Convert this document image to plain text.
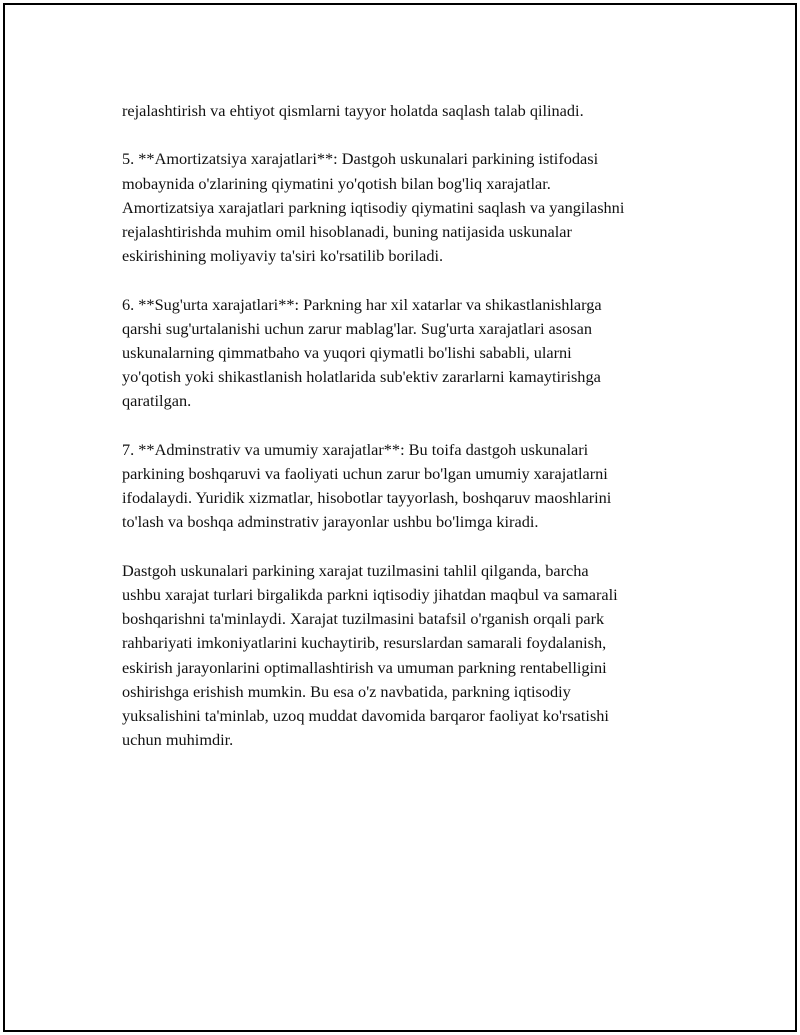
rejalashtirish va ehtiyot qismlarni tayyor holatda saqlash talab qilinadi.

5. **Amortizatsiya xarajatlari**: Dastgoh uskunalari parkining istifodasi
mobaynida o'zlarining qiymatini yo'qotish bilan bog'liq xarajatlar.
Amortizatsiya xarajatlari parkning iqtisodiy qiymatini saqlash va yangilashni
rejalashtirishda muhim omil hisoblanadi, buning natijasida uskunalar
eskirishining moliyaviy ta'siri ko'rsatilib boriladi.

6. **Sug'urta xarajatlari**: Parkning har xil xatarlar va shikastlanishlarga
qarshi sug'urtalanishi uchun zarur mablag'lar. Sug'urta xarajatlari asosan
uskunalarning qimmatbaho va yuqori qiymatli bo'lishi sababli, ularni
yo'qotish yoki shikastlanish holatlarida sub'ektiv zararlarni kamaytirishga
qaratilgan.

7. **Adminstrativ va umumiy xarajatlar**: Bu toifa dastgoh uskunalari
parkining boshqaruvi va faoliyati uchun zarur bo'lgan umumiy xarajatlarni
ifodalaydi. Yuridik xizmatlar, hisobotlar tayyorlash, boshqaruv maoshlarini
to'lash va boshqa adminstrativ jarayonlar ushbu bo'limga kiradi.

Dastgoh uskunalari parkining xarajat tuzilmasini tahlil qilganda, barcha
ushbu xarajat turlari birgalikda parkni iqtisodiy jihatdan maqbul va samarali
boshqarishni ta'minlaydi. Xarajat tuzilmasini batafsil o'rganish orqali park
rahbariyati imkoniyatlarini kuchaytirib, resurslardan samarali foydalanish,
eskirish jarayonlarini optimallashtirish va umuman parkning rentabelligini
oshirishga erishish mumkin. Bu esa o'z navbatida, parkning iqtisodiy
yuksalishini ta'minlab, uzoq muddat davomida barqaror faoliyat ko'rsatishi
uchun muhimdir.
